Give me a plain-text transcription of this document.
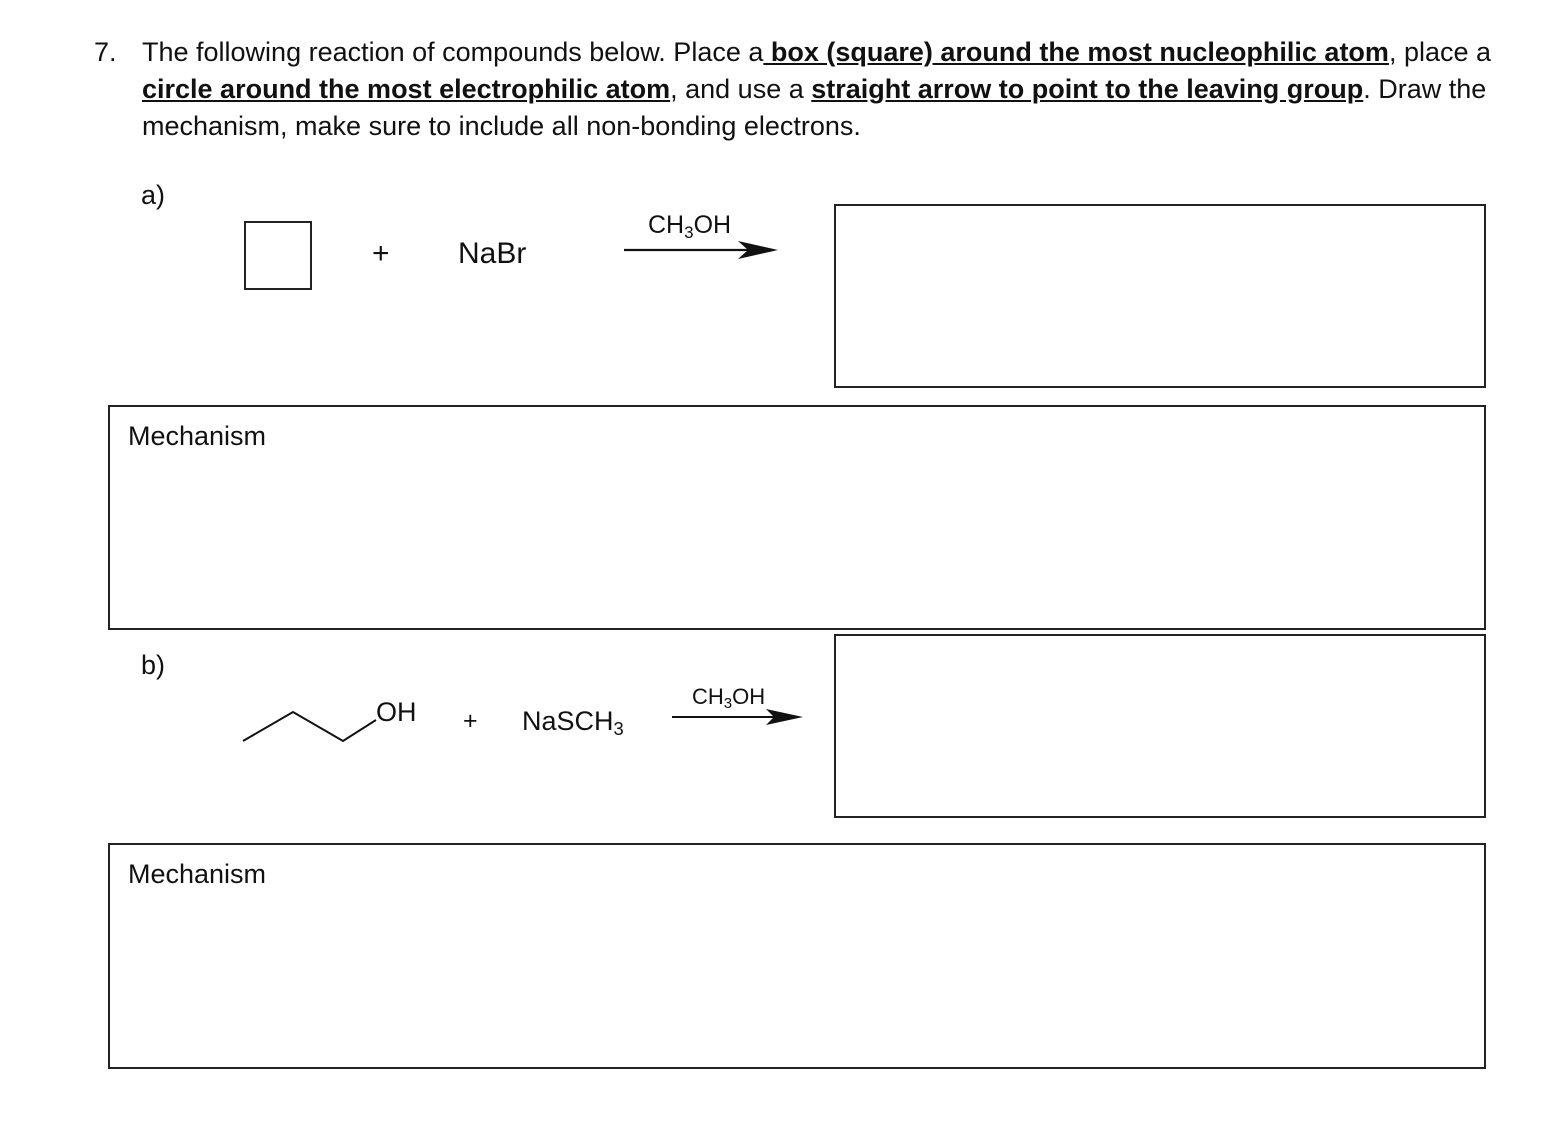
7. The following reaction of compounds below. Place a box (square) around the most nucleophilic atom, place a circle around the most electrophilic atom, and use a straight arrow to point to the leaving group. Draw the mechanism, make sure to include all non-bonding electrons.
a)
+ NaBr
$CH_3OH$
Mechanism
b)
OH + NaSCH$_3$
$CH_3OH$
Mechanism
